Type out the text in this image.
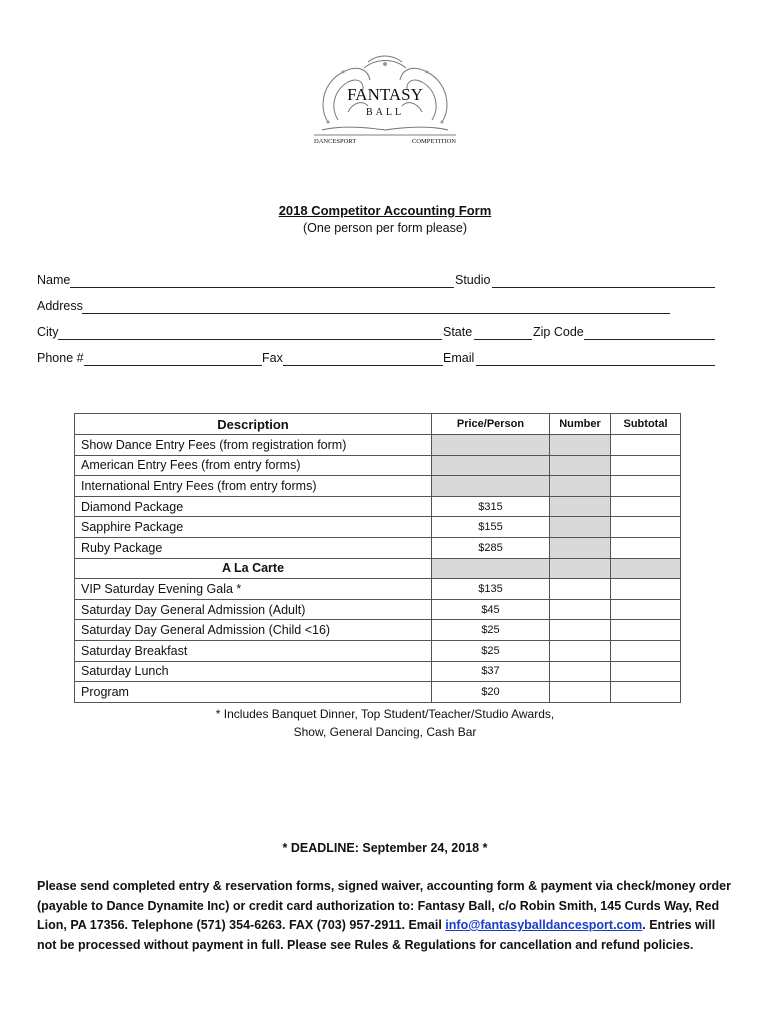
FANTASY
BALL
DANCESPORT	COMPETITION
2018 Competitor Accounting Form
(One person per form please)
Name	Studio
Address
City	State	Zip Code
Phone #	Fax	Email
Description	Price/Person	Number	Subtotal
Show Dance Entry Fees (from registration form)			
American Entry Fees (from entry forms)			
International Entry Fees (from entry forms)			
Diamond Package	$315		
Sapphire Package	$155		
Ruby Package	$285		
A La Carte			
VIP Saturday Evening Gala *	$135		
Saturday Day General Admission (Adult)	$45		
Saturday Day General Admission (Child <16)	$25		
Saturday Breakfast	$25		
Saturday Lunch	$37		
Program	$20		
* Includes Banquet Dinner, Top Student/Teacher/Studio Awards,
Show, General Dancing, Cash Bar
* DEADLINE: September 24, 2018 *
Please send completed entry & reservation forms, signed waiver, accounting form & payment via check/money order (payable to Dance Dynamite Inc) or credit card authorization to: Fantasy Ball, c/o Robin Smith, 145 Curds Way, Red Lion, PA 17356. Telephone (571) 354-6263. FAX (703) 957-2911. Email info@fantasyballdancesport.com. Entries will not be processed without payment in full. Please see Rules & Regulations for cancellation and refund policies.
